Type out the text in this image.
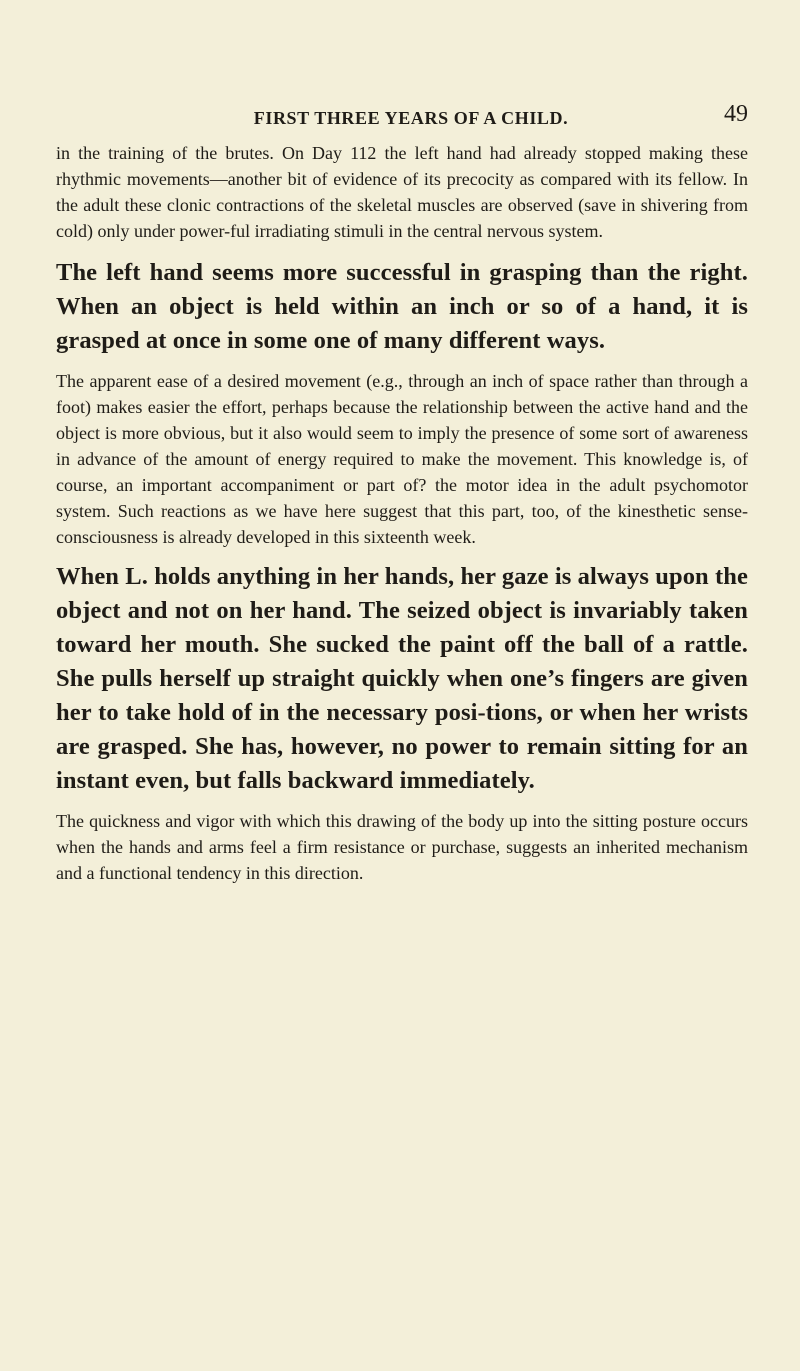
FIRST THREE YEARS OF A CHILD.	49

in the training of the brutes. On Day 112 the left hand had already stopped making these rhythmic movements—another bit of evidence of its precocity as compared with its fellow. In the adult these clonic contractions of the skeletal muscles are observed (save in shivering from cold) only under power-ful irradiating stimuli in the central nervous system.

The left hand seems more successful in grasping than the right. When an object is held within an inch or so of a hand, it is grasped at once in some one of many different ways.

The apparent ease of a desired movement (e.g., through an inch of space rather than through a foot) makes easier the effort, perhaps because the relationship between the active hand and the object is more obvious, but it also would seem to imply the presence of some sort of awareness in advance of the amount of energy required to make the movement. This knowledge is, of course, an important accompaniment or part of? the motor idea in the adult psychomotor system. Such reactions as we have here suggest that this part, too, of the kinesthetic sense-consciousness is already developed in this sixteenth week.

When L. holds anything in her hands, her gaze is always upon the object and not on her hand. The seized object is invariably taken toward her mouth. She sucked the paint off the ball of a rattle. She pulls herself up straight quickly when one’s fingers are given her to take hold of in the necessary posi-tions, or when her wrists are grasped. She has, however, no power to remain sitting for an instant even, but falls backward immediately.

The quickness and vigor with which this drawing of the body up into the sitting posture occurs when the hands and arms feel a firm resistance or purchase, suggests an inherited mechanism and a functional tendency in this direction.
